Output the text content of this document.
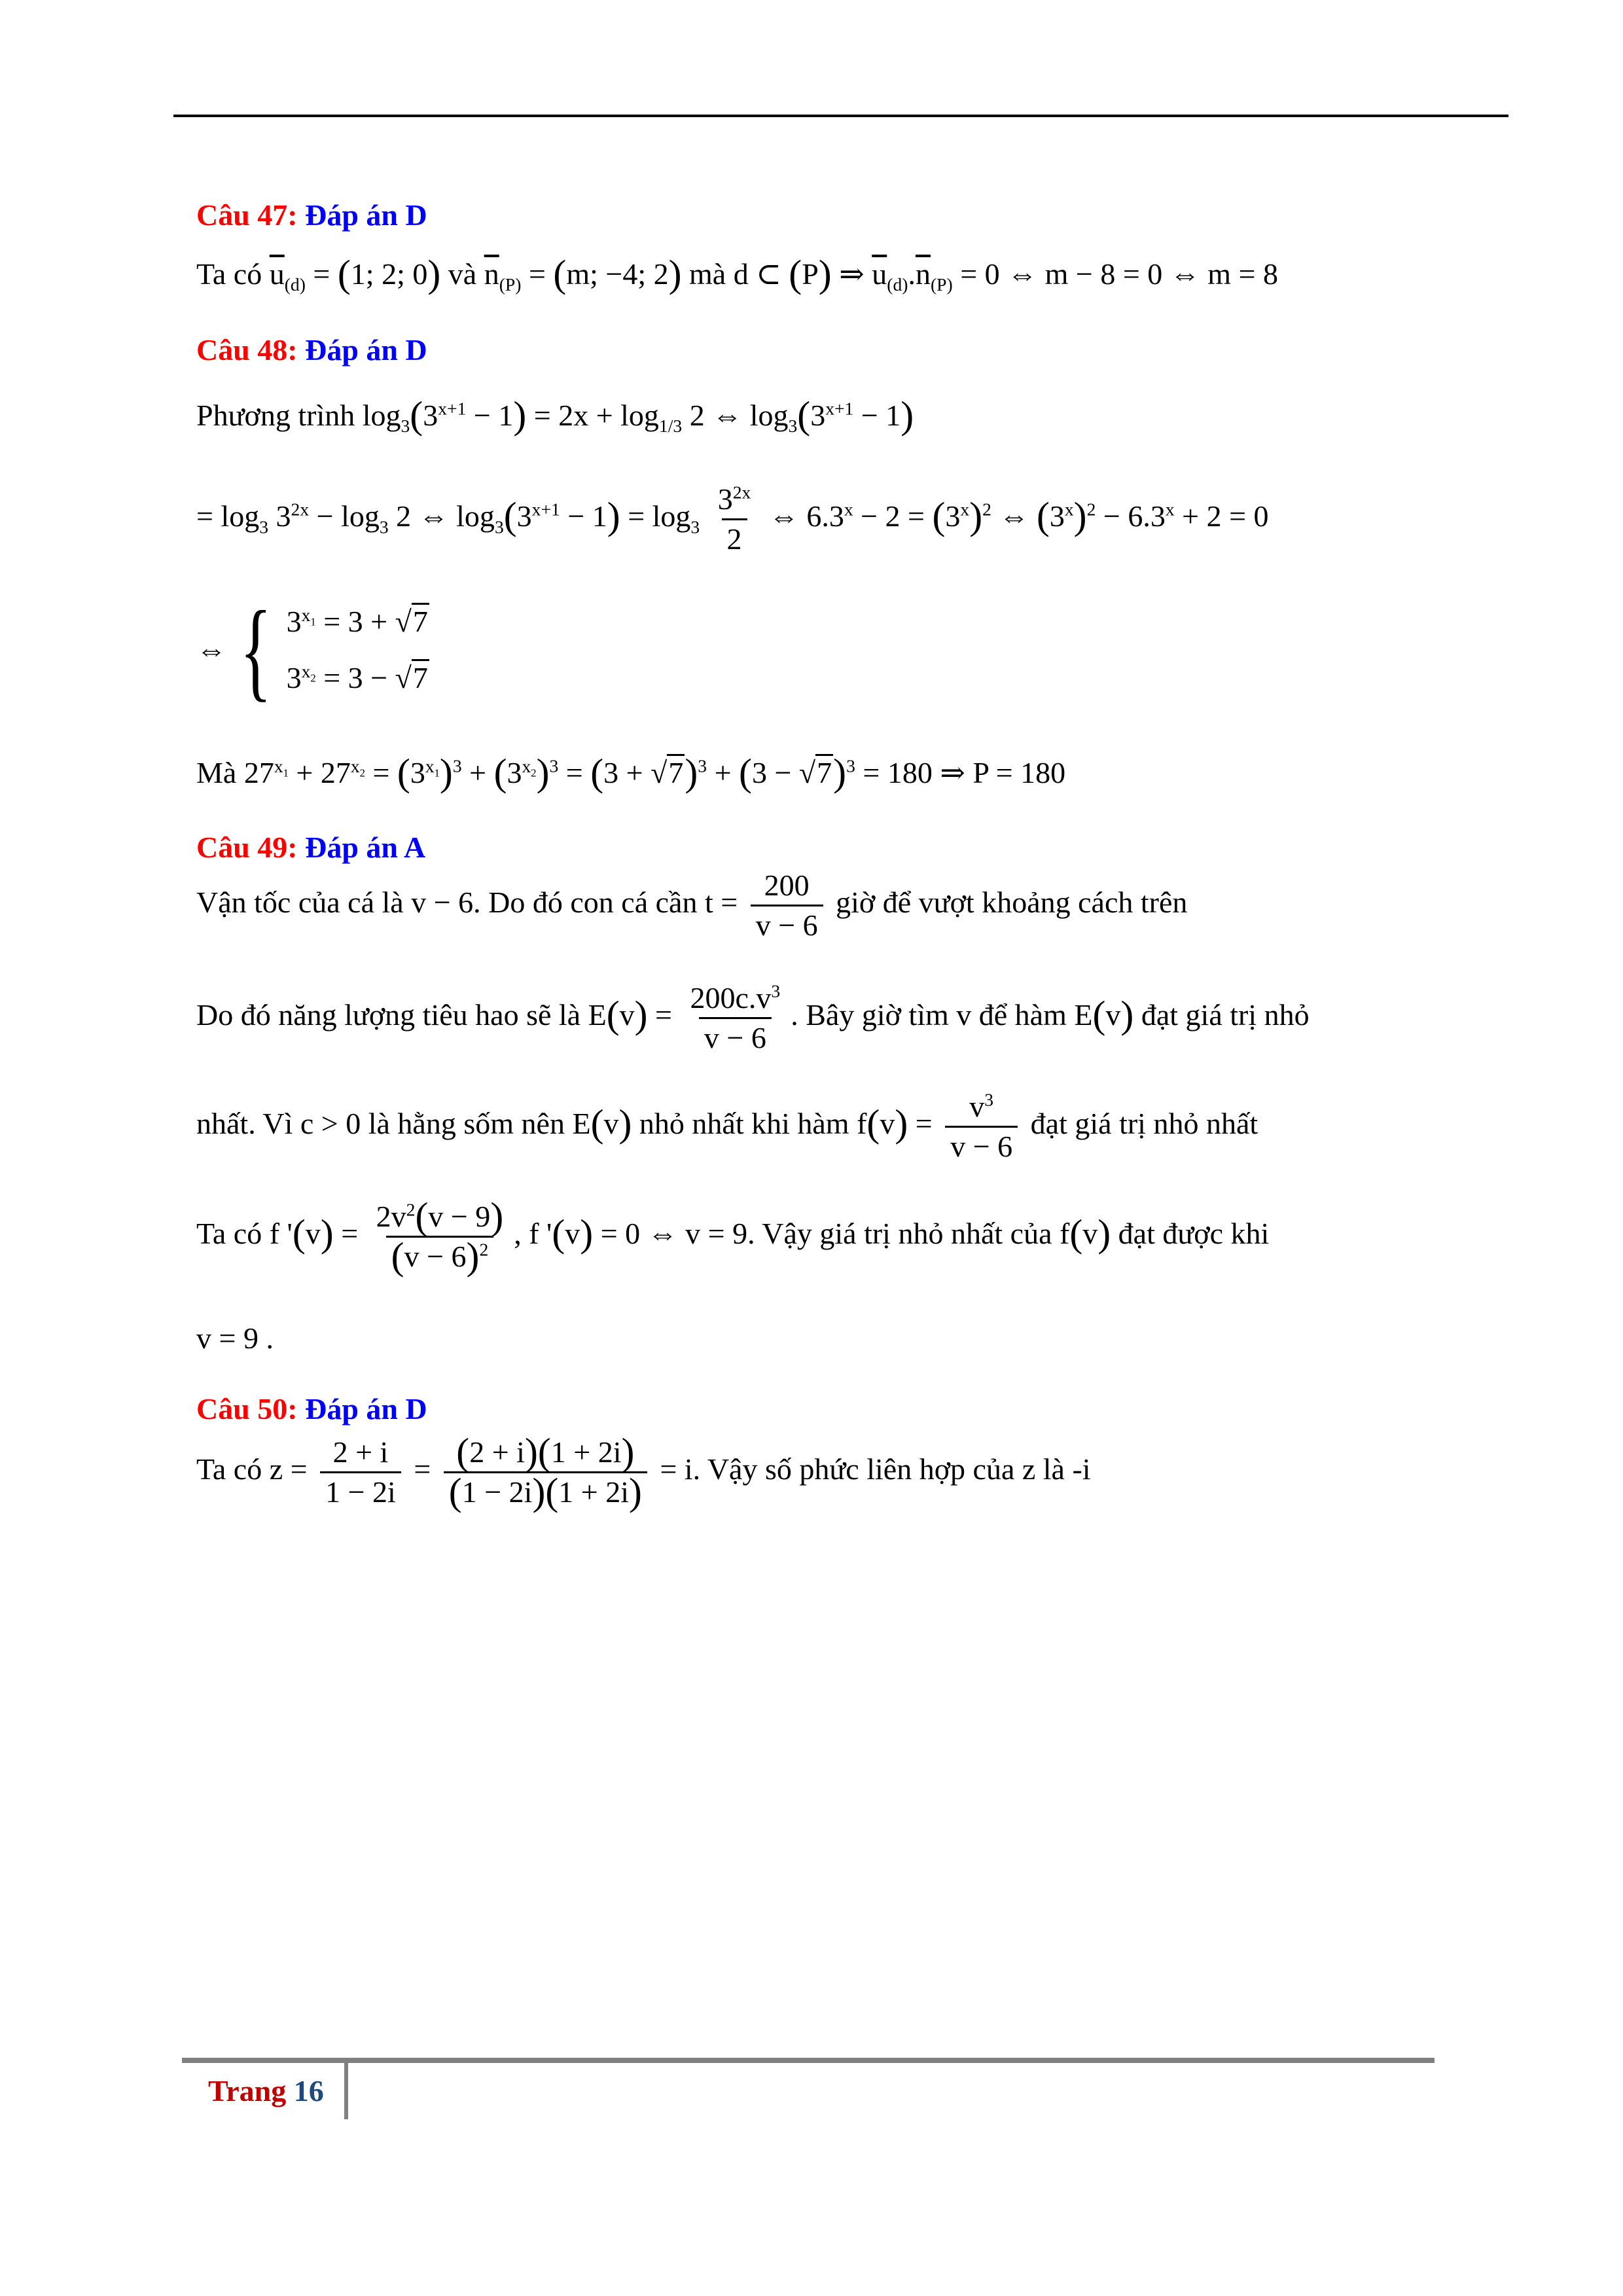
Câu 47: Đáp án D

Ta có $\overline{u}_{(d)} = (1$; 2; 0) và $\overline{n}_{(P)} = (m$; −4; 2) mà d ⊂ (P) ⇒ $\overline{u}_{(d)}.\overline{n}_{(P)} = 0$ ⇔ m − 8 = 0 ⇔ m = 8

Câu 48: Đáp án D

Phương trình $\log_3(3^{x+1} - 1) = 2x + \log_{1/3} 2$ ⇔ $\log_3(3^{x+1} - 1)$

= $\log_3 3^{2x} - \log_3 2$ ⇔ $\log_3(3^{x+1} - 1) = \log_3 \frac{3^{2x}}{2}$ ⇔ $6.3^x - 2 = (3^x)^2$ ⇔ $(3^x)^2 - 6.3^x + 2 = 0$

⇔ { $3^{x_1} = 3 + √7$
$3^{x_2} = 3 - √7$

Mà $27^{x_1} + 27^{x_2} = (3^{x_1})^3 + (3^{x_2})^3 = (3 + √7)^3 + (3 - √7)^3 = 180$ ⇒ P = 180

Câu 49: Đáp án A

Vận tốc của cá là v − 6. Do đó con cá cần $t = \frac{200}{v - 6}$ giờ để vượt khoảng cách trên

Do đó năng lượng tiêu hao sẽ là $E(v) = \frac{200c.v^3}{v - 6}$ . Bây giờ tìm v để hàm E(v) đạt giá trị nhỏ

nhất. Vì c > 0 là hằng sốm nên E(v) nhỏ nhất khi hàm $f(v) = \frac{v^3}{v - 6}$ đạt giá trị nhỏ nhất

Ta có f '$(v) = \frac{2v^2(v - 9)}{(v - 6)^2}$ , f '(v) = 0 ⇔ v = 9. Vậy giá trị nhỏ nhất của f(v) đạt được khi

v = 9 .

Câu 50: Đáp án D

Ta có $z = \frac{2 + i}{1 - 2i} = \frac{(2 + i)(1 + 2i)}{(1 - 2i)(1 + 2i)} = i$. Vậy số phức liên hợp của z là -i

Trang 16
